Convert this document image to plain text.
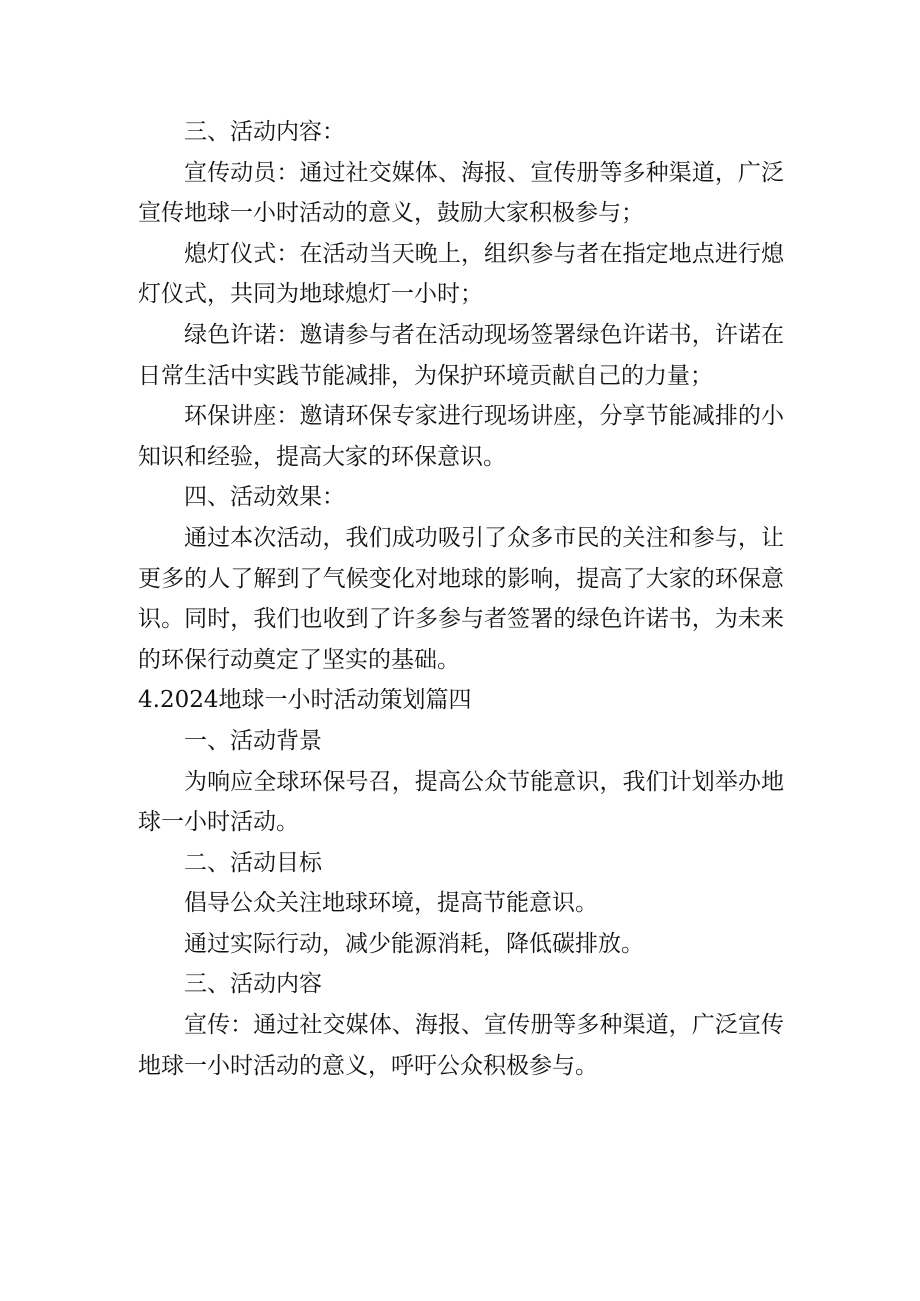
三、活动内容：

宣传动员：通过社交媒体、海报、宣传册等多种渠道，广泛宣传地球一小时活动的意义，鼓励大家积极参与；

熄灯仪式：在活动当天晚上，组织参与者在指定地点进行熄灯仪式，共同为地球熄灯一小时；

绿色许诺：邀请参与者在活动现场签署绿色许诺书，许诺在日常生活中实践节能减排，为保护环境贡献自己的力量；

环保讲座：邀请环保专家进行现场讲座，分享节能减排的小知识和经验，提高大家的环保意识。

四、活动效果：

通过本次活动，我们成功吸引了众多市民的关注和参与，让更多的人了解到了气候变化对地球的影响，提高了大家的环保意识。同时，我们也收到了许多参与者签署的绿色许诺书，为未来的环保行动奠定了坚实的基础。

4.2024地球一小时活动策划篇四

一、活动背景

为响应全球环保号召，提高公众节能意识，我们计划举办地球一小时活动。

二、活动目标

倡导公众关注地球环境，提高节能意识。

通过实际行动，减少能源消耗，降低碳排放。

三、活动内容

宣传：通过社交媒体、海报、宣传册等多种渠道，广泛宣传地球一小时活动的意义，呼吁公众积极参与。
